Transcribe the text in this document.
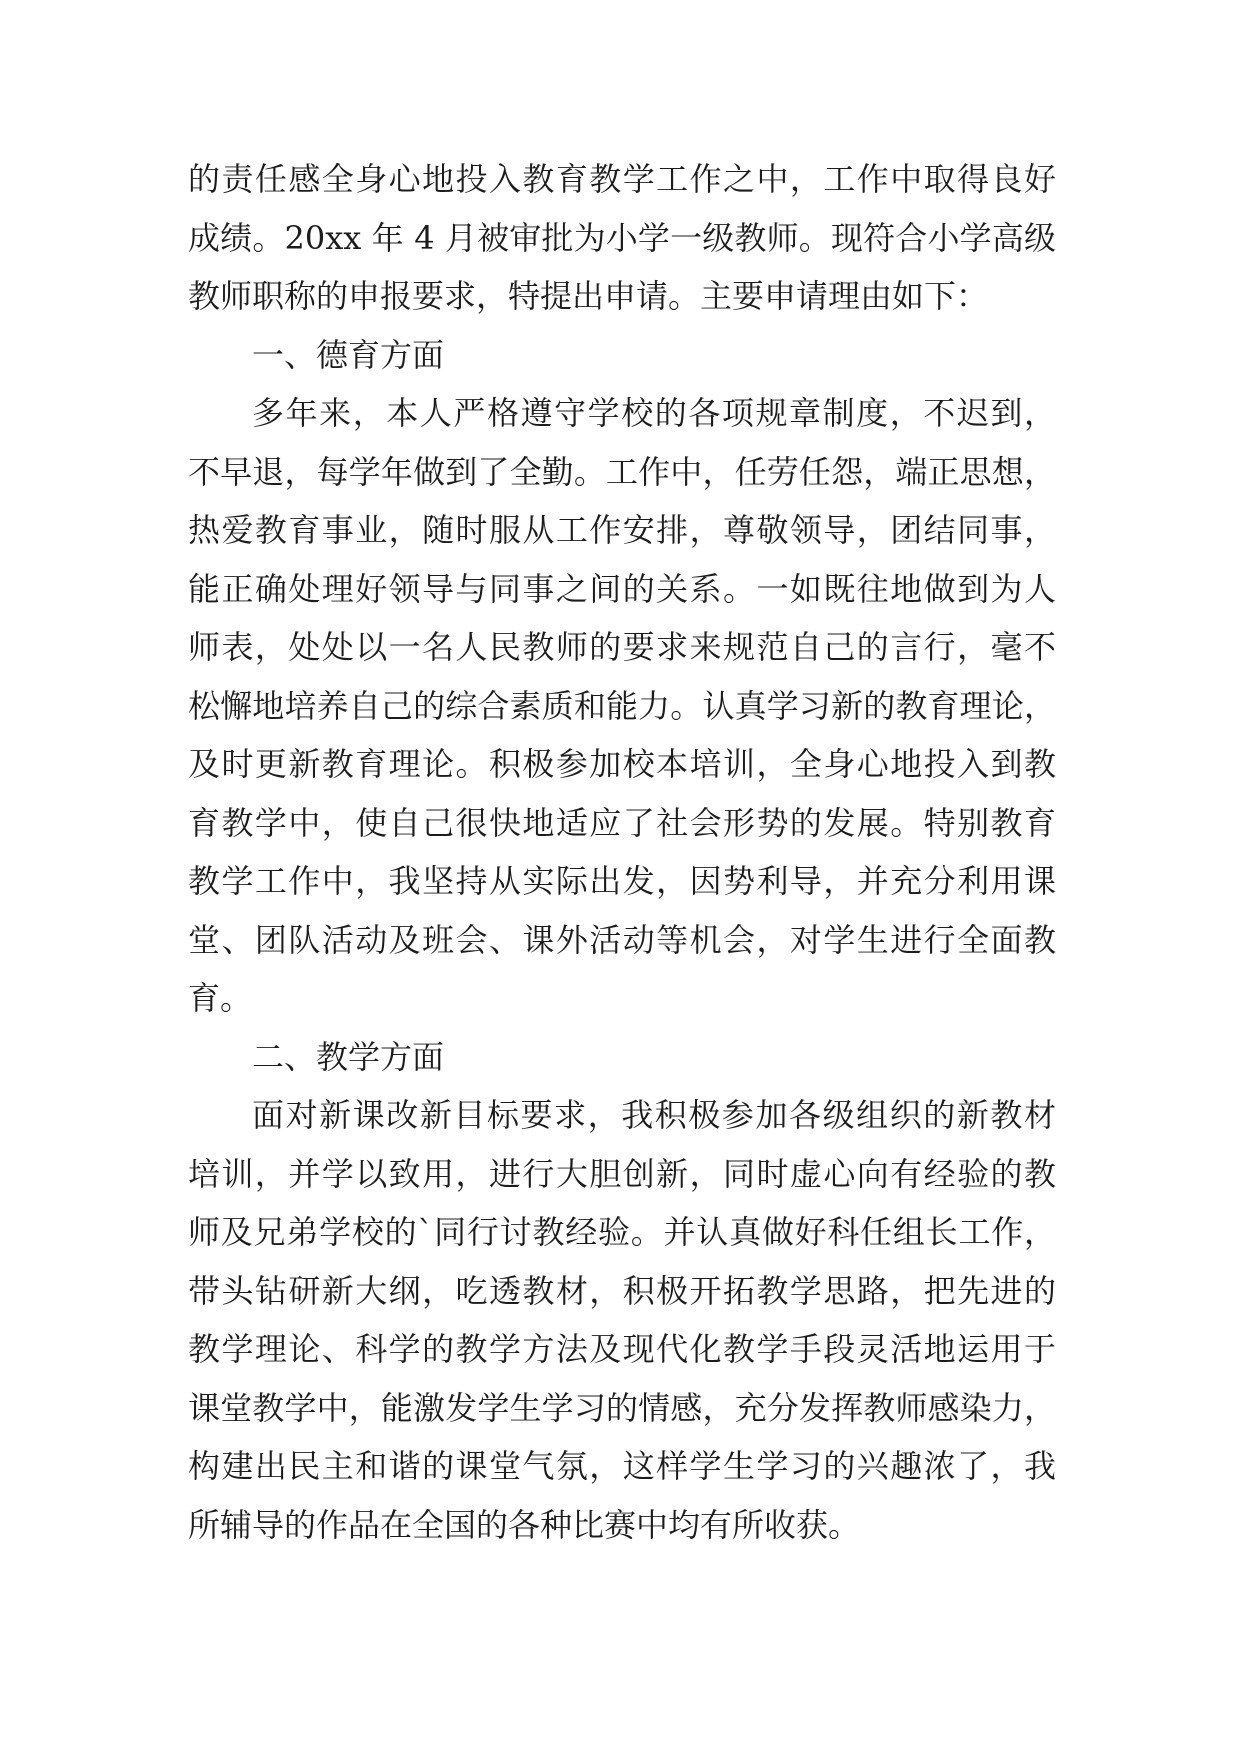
的责任感全身心地投入教育教学工作之中，工作中取得良好
成绩。20xx 年 4 月被审批为小学一级教师。现符合小学高级
教师职称的申报要求，特提出申请。主要申请理由如下：
一、德育方面
多年来，本人严格遵守学校的各项规章制度，不迟到，
不早退，每学年做到了全勤。工作中，任劳任怨，端正思想，
热爱教育事业，随时服从工作安排，尊敬领导，团结同事，
能正确处理好领导与同事之间的关系。一如既往地做到为人
师表，处处以一名人民教师的要求来规范自己的言行，毫不
松懈地培养自己的综合素质和能力。认真学习新的教育理论，
及时更新教育理论。积极参加校本培训，全身心地投入到教
育教学中，使自己很快地适应了社会形势的发展。特别教育
教学工作中，我坚持从实际出发，因势利导，并充分利用课
堂、团队活动及班会、课外活动等机会，对学生进行全面教
育。
二、教学方面
面对新课改新目标要求，我积极参加各级组织的新教材
培训，并学以致用，进行大胆创新，同时虚心向有经验的教
师及兄弟学校的`同行讨教经验。并认真做好科任组长工作，
带头钻研新大纲，吃透教材，积极开拓教学思路，把先进的
教学理论、科学的教学方法及现代化教学手段灵活地运用于
课堂教学中，能激发学生学习的情感，充分发挥教师感染力，
构建出民主和谐的课堂气氛，这样学生学习的兴趣浓了，我
所辅导的作品在全国的各种比赛中均有所收获。
